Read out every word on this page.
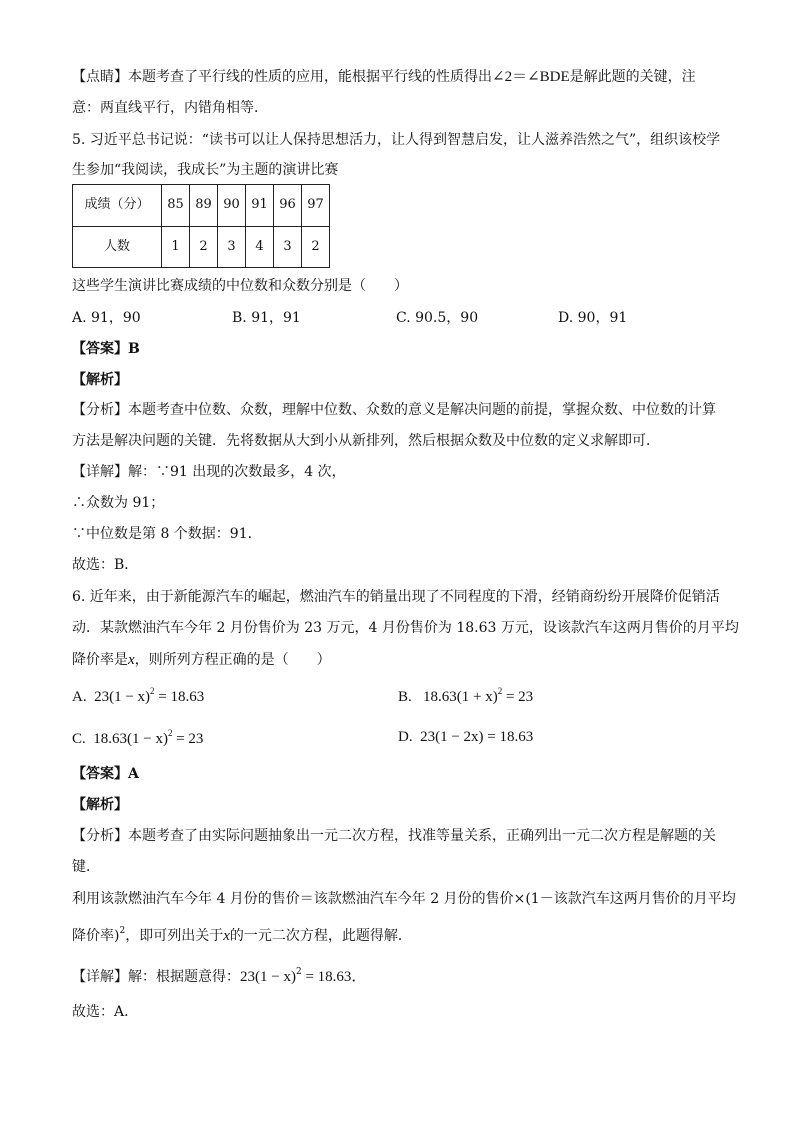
【点睛】本题考查了平行线的性质的应用，能根据平行线的性质得出∠2＝∠BDE是解此题的关键，注
意：两直线平行，内错角相等．
5. 习近平总书记说：“读书可以让人保持思想活力，让人得到智慧启发，让人滋养浩然之气”，组织该校学
生参加“我阅读，我成长”为主题的演讲比赛
成绩（分）	85	89	90	91	96	97
人数	1	2	3	4	3	2
这些学生演讲比赛成绩的中位数和众数分别是（　　）
A. 91，90	B. 91，91	C. 90.5，90	D. 90，91
【答案】B
【解析】
【分析】本题考查中位数、众数，理解中位数、众数的意义是解决问题的前提，掌握众数、中位数的计算
方法是解决问题的关键．先将数据从大到小从新排列，然后根据众数及中位数的定义求解即可．
【详解】解：∵91 出现的次数最多，4 次，
∴众数为 91；
∵中位数是第 8 个数据：91．
故选：B．
6. 近年来，由于新能源汽车的崛起，燃油汽车的销量出现了不同程度的下滑，经销商纷纷开展降价促销活
动．某款燃油汽车今年 2 月份售价为 23 万元，4 月份售价为 18.63 万元，设该款汽车这两月售价的月平均
降价率是x，则所列方程正确的是（　　）
A. $23(1 - x)^2 = 18.63$	B. $18.63(1 + x)^2 = 23$
C. $18.63(1 - x)^2 = 23$	D. 23(1 − 2x) = 18.63
【答案】A
【解析】
【分析】本题考查了由实际问题抽象出一元二次方程，找准等量关系，正确列出一元二次方程是解题的关
键．
利用该款燃油汽车今年 4 月份的售价＝该款燃油汽车今年 2 月份的售价×(1－该款汽车这两月售价的月平均
降价率)$^2$，即可列出关于x的一元二次方程，此题得解．
【详解】解：根据题意得：$23(1 - x)^2 = 18.63$．
故选：A．
